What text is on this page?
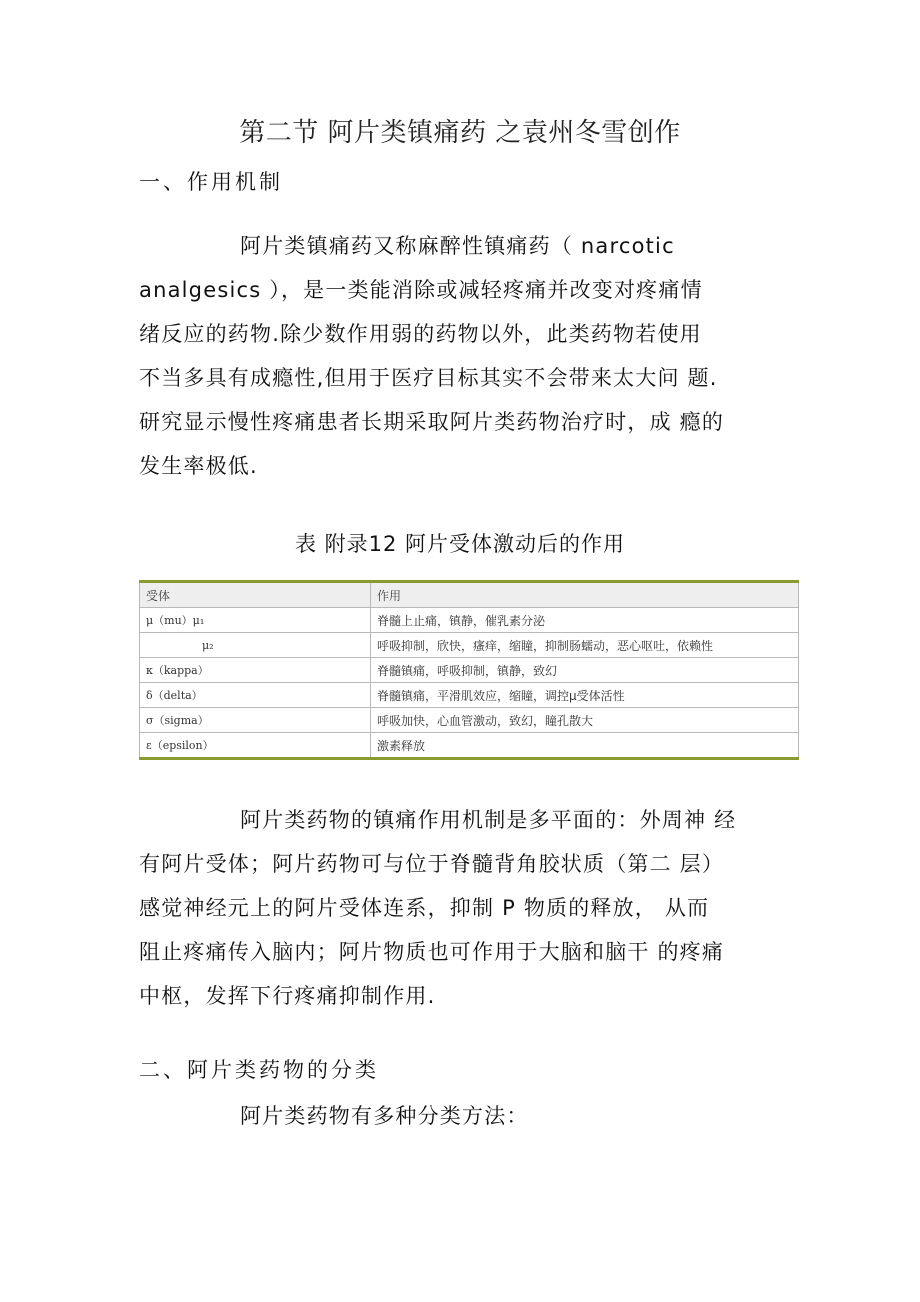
第二节 阿片类镇痛药 之袁州冬雪创作
一、作用机制
阿片类镇痛药又称麻醉性镇痛药（ narcotic
analgesics ），是一类能消除或减轻疼痛并改变对疼痛情
绪反应的药物.除少数作用弱的药物以外，此类药物若使用
不当多具有成瘾性,但用于医疗目标其实不会带来太大问 题.
研究显示慢性疼痛患者长期采取阿片类药物治疗时，成 瘾的
发生率极低.
表 附录12 阿片受体激动后的作用
受体	作用
μ（mu）μ₁	脊髓上止痛，镇静，催乳素分泌
μ₂	呼吸抑制，欣快，瘙痒，缩瞳，抑制肠蠕动，恶心呕吐，依赖性
κ（kappa）	脊髓镇痛，呼吸抑制，镇静，致幻
δ（delta）	脊髓镇痛，平滑肌效应，缩瞳，调控μ受体活性
σ（sigma）	呼吸加快，心血管激动，致幻，瞳孔散大
ε（epsilon）	激素释放
阿片类药物的镇痛作用机制是多平面的：外周神 经
有阿片受体；阿片药物可与位于脊髓背角胶状质（第二 层）
感觉神经元上的阿片受体连系，抑制 P 物质的释放， 从而
阻止疼痛传入脑内；阿片物质也可作用于大脑和脑干 的疼痛
中枢，发挥下行疼痛抑制作用.
二、阿片类药物的分类
阿片类药物有多种分类方法：
